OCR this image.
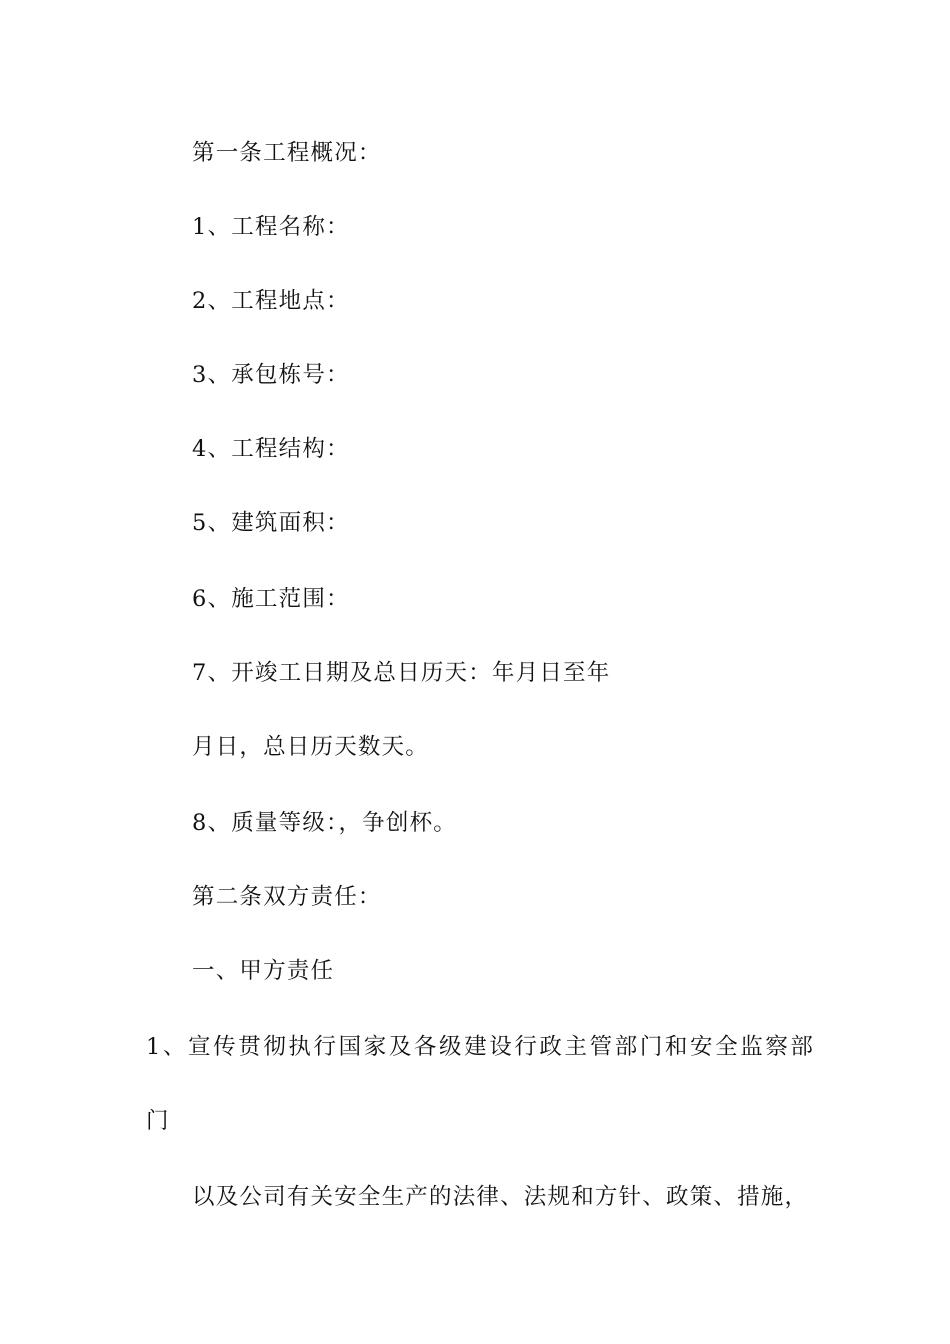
第一条工程概况：
1、工程名称：
2、工程地点：
3、承包栋号：
4、工程结构：
5、建筑面积：
6、施工范围：
7、开竣工日期及总日历天：年月日至年
月日，总日历天数天。
8、质量等级：，争创杯。
第二条双方责任：
一、甲方责任
1、宣传贯彻执行国家及各级建设行政主管部门和安全监察部
门
以及公司有关安全生产的法律、法规和方针、政策、措施，
